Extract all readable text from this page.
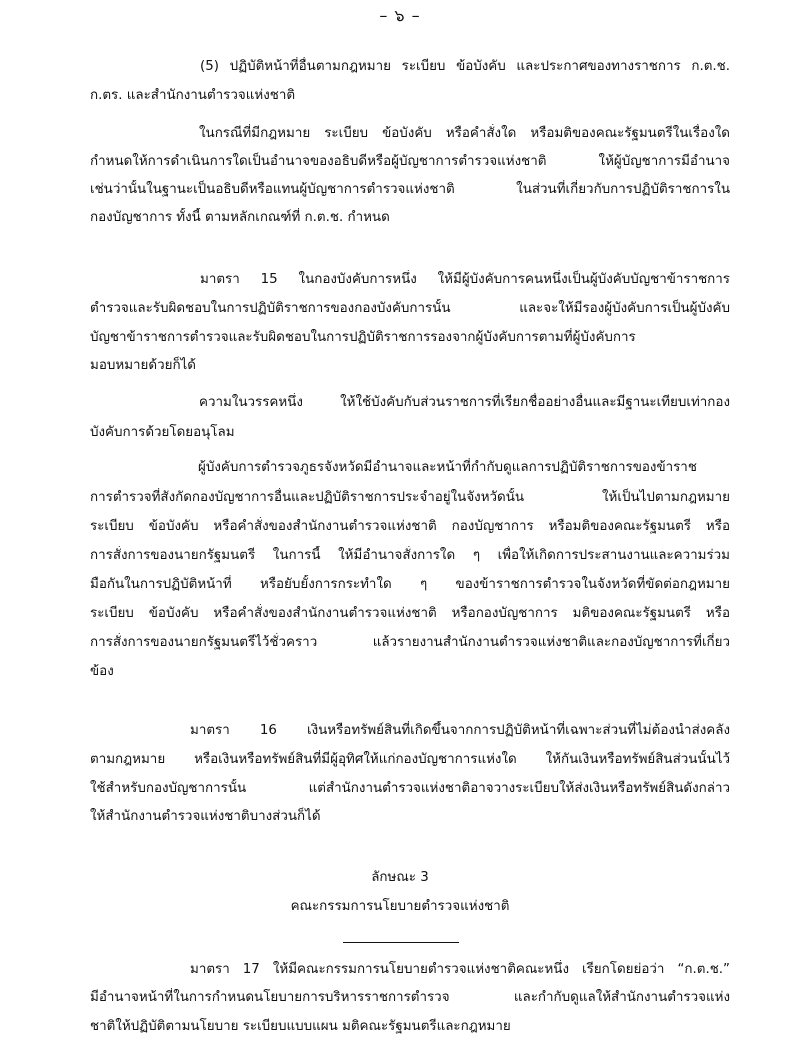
– ๖ –
(5) ปฏิบัติหน้าที่อื่นตามกฎหมาย ระเบียบ ข้อบังคับ และประกาศของทางราชการ ก.ต.ช.
ก.ตร. และสำนักงานตำรวจแห่งชาติ
ในกรณีที่มีกฎหมาย ระเบียบ ข้อบังคับ หรือคำสั่งใด หรือมติของคณะรัฐมนตรีในเรื่องใด
กำหนดให้การดำเนินการใดเป็นอำนาจของอธิบดีหรือผู้บัญชาการตำรวจแห่งชาติ ให้ผู้บัญชาการมีอำนาจ
เช่นว่านั้นในฐานะเป็นอธิบดีหรือแทนผู้บัญชาการตำรวจแห่งชาติ ในส่วนที่เกี่ยวกับการปฏิบัติราชการใน
กองบัญชาการ ทั้งนี้ ตามหลักเกณฑ์ที่ ก.ต.ช. กำหนด
มาตรา 15 ในกองบังคับการหนึ่ง ให้มีผู้บังคับการคนหนึ่งเป็นผู้บังคับบัญชาข้าราชการ
ตำรวจและรับผิดชอบในการปฏิบัติราชการของกองบังคับการนั้น และจะให้มีรองผู้บังคับการเป็นผู้บังคับ
บัญชาข้าราชการตำรวจและรับผิดชอบในการปฏิบัติราชการรองจากผู้บังคับการตามที่ผู้บังคับการ
มอบหมายด้วยก็ได้
ความในวรรคหนึ่ง ให้ใช้บังคับกับส่วนราชการที่เรียกชื่ออย่างอื่นและมีฐานะเทียบเท่ากอง
บังคับการด้วยโดยอนุโลม
ผู้บังคับการตำรวจภูธรจังหวัดมีอำนาจและหน้าที่กำกับดูแลการปฏิบัติราชการของข้าราช
การตำรวจที่สังกัดกองบัญชาการอื่นและปฏิบัติราชการประจำอยู่ในจังหวัดนั้น ให้เป็นไปตามกฎหมาย
ระเบียบ ข้อบังคับ หรือคำสั่งของสำนักงานตำรวจแห่งชาติ กองบัญชาการ หรือมติของคณะรัฐมนตรี หรือ
การสั่งการของนายกรัฐมนตรี ในการนี้ ให้มีอำนาจสั่งการใด ๆ เพื่อให้เกิดการประสานงานและความร่วม
มือกันในการปฏิบัติหน้าที่ หรือยับยั้งการกระทำใด ๆ ของข้าราชการตำรวจในจังหวัดที่ขัดต่อกฎหมาย
ระเบียบ ข้อบังคับ หรือคำสั่งของสำนักงานตำรวจแห่งชาติ หรือกองบัญชาการ มติของคณะรัฐมนตรี หรือ
การสั่งการของนายกรัฐมนตรีไว้ชั่วคราว แล้วรายงานสำนักงานตำรวจแห่งชาติและกองบัญชาการที่เกี่ยว
ข้อง
มาตรา 16 เงินหรือทรัพย์สินที่เกิดขึ้นจากการปฏิบัติหน้าที่เฉพาะส่วนที่ไม่ต้องนำส่งคลัง
ตามกฎหมาย หรือเงินหรือทรัพย์สินที่มีผู้อุทิศให้แก่กองบัญชาการแห่งใด ให้กันเงินหรือทรัพย์สินส่วนนั้นไว้
ใช้สำหรับกองบัญชาการนั้น แต่สำนักงานตำรวจแห่งชาติอาจวางระเบียบให้ส่งเงินหรือทรัพย์สินดังกล่าว
ให้สำนักงานตำรวจแห่งชาติบางส่วนก็ได้
ลักษณะ 3
คณะกรรมการนโยบายตำรวจแห่งชาติ
มาตรา 17 ให้มีคณะกรรมการนโยบายตำรวจแห่งชาติคณะหนึ่ง เรียกโดยย่อว่า “ก.ต.ช.”
มีอำนาจหน้าที่ในการกำหนดนโยบายการบริหารราชการตำรวจ และกำกับดูแลให้สำนักงานตำรวจแห่ง
ชาติให้ปฏิบัติตามนโยบาย ระเบียบแบบแผน มติคณะรัฐมนตรีและกฎหมาย
